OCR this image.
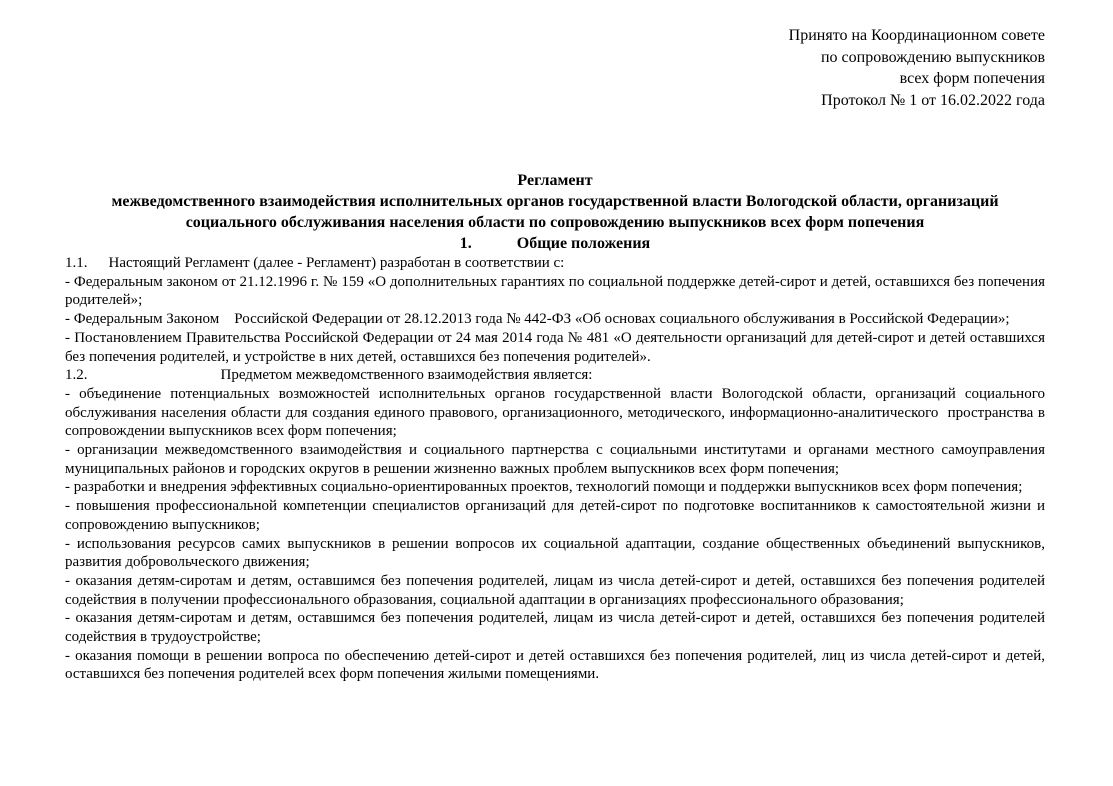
Принято на Координационном совете
по сопровождению выпускников
всех форм попечения
Протокол № 1 от 16.02.2022 года
Регламент
межведомственного взаимодействия исполнительных органов государственной власти Вологодской области, организаций
социального обслуживания населения области по сопровождению выпускников всех форм попечения
1.	Общие положения

1.1. Настоящий Регламент (далее - Регламент) разработан в соответствии с:

- Федеральным законом от 21.12.1996 г. № 159 «О дополнительных гарантиях по социальной поддержке детей-сирот и детей, оставшихся без попечения родителей»;

- Федеральным Законом    Российской Федерации от 28.12.2013 года № 442-ФЗ «Об основах социального обслуживания в Российской Федерации»;

- Постановлением Правительства Российской Федерации от 24 мая 2014 года № 481 «О деятельности организаций для детей-сирот и детей оставшихся без попечения родителей, и устройстве в них детей, оставшихся без попечения родителей».

1.2.	Предметом межведомственного взаимодействия является:

- объединение потенциальных возможностей исполнительных органов государственной власти Вологодской области, организаций социального обслуживания населения области для создания единого правового, организационного, методического, информационно-аналитического  пространства в сопровождении выпускников всех форм попечения;

- организации межведомственного взаимодействия и социального партнерства с социальными институтами и органами местного самоуправления муниципальных районов и городских округов в решении жизненно важных проблем выпускников всех форм попечения;

- разработки и внедрения эффективных социально-ориентированных проектов, технологий помощи и поддержки выпускников всех форм попечения;

- повышения профессиональной компетенции специалистов организаций для детей-сирот по подготовке воспитанников к самостоятельной жизни и сопровождению выпускников;

- использования ресурсов самих выпускников в решении вопросов их социальной адаптации, создание общественных объединений выпускников, развития добровольческого движения;

- оказания детям-сиротам и детям, оставшимся без попечения родителей, лицам из числа детей-сирот и детей, оставшихся без попечения родителей содействия в получении профессионального образования, социальной адаптации в организациях профессионального образования;

- оказания детям-сиротам и детям, оставшимся без попечения родителей, лицам из числа детей-сирот и детей, оставшихся без попечения родителей содействия в трудоустройстве;

- оказания помощи в решении вопроса по обеспечению детей-сирот и детей оставшихся без попечения родителей, лиц из числа детей-сирот и детей, оставшихся без попечения родителей всех форм попечения жилыми помещениями.
